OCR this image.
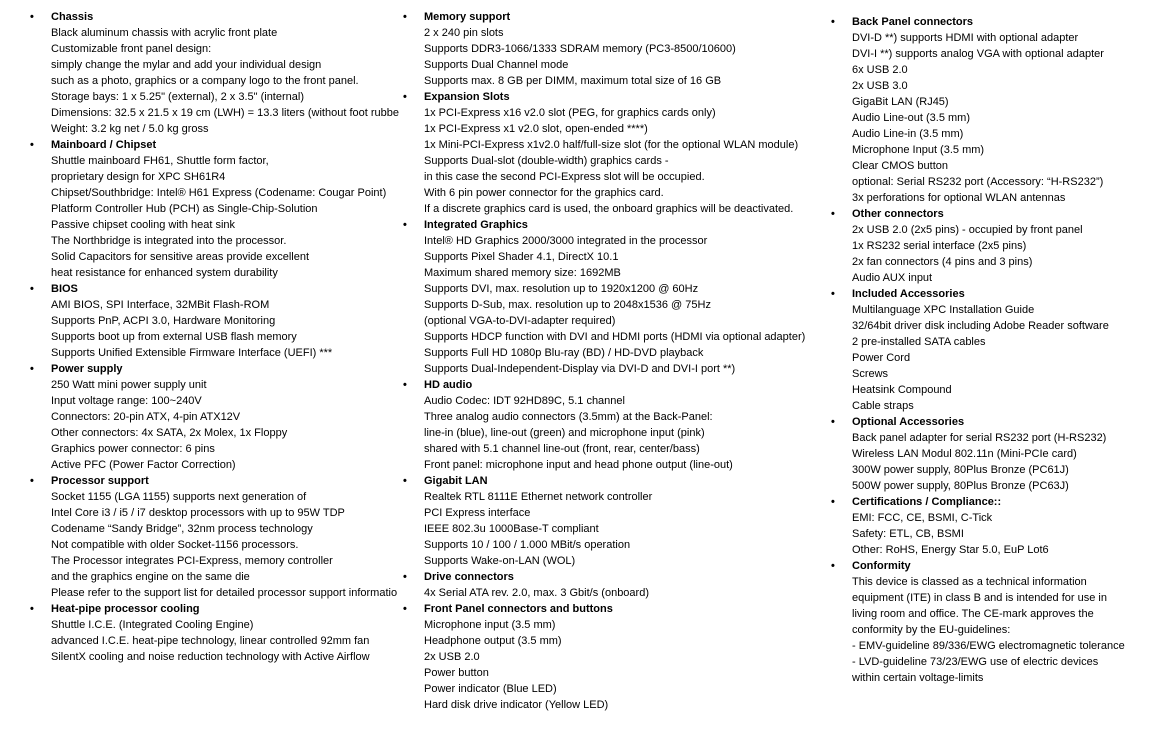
•	Chassis
Black aluminum chassis with acrylic front plate
Customizable front panel design:
simply change the mylar and add your individual design
such as a photo, graphics or a company logo to the front panel.
Storage bays: 1 x 5.25" (external), 2 x 3.5" (internal)
Dimensions: 32.5 x 21.5 x 19 cm (LWH) = 13.3 liters (without foot rubbe
Weight: 3.2 kg net / 5.0 kg gross
•	Mainboard / Chipset
Shuttle mainboard FH61, Shuttle form factor,
proprietary design for XPC SH61R4
Chipset/Southbridge: Intel® H61 Express (Codename: Cougar Point)
Platform Controller Hub (PCH) as Single-Chip-Solution
Passive chipset cooling with heat sink
The Northbridge is integrated into the processor.
Solid Capacitors for sensitive areas provide excellent
heat resistance for enhanced system durability
•	BIOS
AMI BIOS, SPI Interface, 32MBit Flash-ROM
Supports PnP, ACPI 3.0, Hardware Monitoring
Supports boot up from external USB flash memory
Supports Unified Extensible Firmware Interface (UEFI) ***
•	Power supply
250 Watt mini power supply unit
Input voltage range: 100~240V
Connectors: 20-pin ATX, 4-pin ATX12V
Other connectors: 4x SATA, 2x Molex, 1x Floppy
Graphics power connector: 6 pins
Active PFC (Power Factor Correction)
•	Processor support
Socket 1155 (LGA 1155) supports next generation of
Intel Core i3 / i5 / i7 desktop processors with up to 95W TDP
Codename “Sandy Bridge”, 32nm process technology
Not compatible with older Socket-1156 processors.
The Processor integrates PCI-Express, memory controller
and the graphics engine on the same die
Please refer to the support list for detailed processor support informatio
•	Heat-pipe processor cooling
Shuttle I.C.E. (Integrated Cooling Engine)
advanced I.C.E. heat-pipe technology, linear controlled 92mm fan
SilentX cooling and noise reduction technology with Active Airflow
•	Memory support
2 x 240 pin slots
Supports DDR3-1066/1333 SDRAM memory (PC3-8500/10600)
Supports Dual Channel mode
Supports max. 8 GB per DIMM, maximum total size of 16 GB
•	Expansion Slots
1x PCI-Express x16 v2.0 slot (PEG, for graphics cards only)
1x PCI-Express x1 v2.0 slot, open-ended ****)
1x Mini-PCI-Express x1v2.0 half/full-size slot (for the optional WLAN module)
Supports Dual-slot (double-width) graphics cards -
in this case the second PCI-Express slot will be occupied.
With 6 pin power connector for the graphics card.
If a discrete graphics card is used, the onboard graphics will be deactivated.
•	Integrated Graphics
Intel® HD Graphics 2000/3000 integrated in the processor
Supports Pixel Shader 4.1, DirectX 10.1
Maximum shared memory size: 1692MB
Supports DVI, max. resolution up to 1920x1200 @ 60Hz
Supports D-Sub, max. resolution up to 2048x1536 @ 75Hz
(optional VGA-to-DVI-adapter required)
Supports HDCP function with DVI and HDMI ports (HDMI via optional adapter)
Supports Full HD 1080p Blu-ray (BD) / HD-DVD playback
Supports Dual-Independent-Display via DVI-D and DVI-I port **)
•	HD audio
Audio Codec: IDT 92HD89C, 5.1 channel
Three analog audio connectors (3.5mm) at the Back-Panel:
line-in (blue), line-out (green) and microphone input (pink)
shared with 5.1 channel line-out (front, rear, center/bass)
Front panel: microphone input and head phone output (line-out)
•	Gigabit LAN
Realtek RTL 8111E Ethernet network controller
PCI Express interface
IEEE 802.3u 1000Base-T compliant
Supports 10 / 100 / 1.000 MBit/s operation
Supports Wake-on-LAN (WOL)
•	Drive connectors
4x Serial ATA rev. 2.0, max. 3 Gbit/s (onboard)
•	Front Panel connectors and buttons
Microphone input (3.5 mm)
Headphone output (3.5 mm)
2x USB 2.0
Power button
Power indicator (Blue LED)
Hard disk drive indicator (Yellow LED)
•	Back Panel connectors
DVI-D **) supports HDMI with optional adapter
DVI-I **) supports analog VGA with optional adapter
6x USB 2.0
2x USB 3.0
GigaBit LAN (RJ45)
Audio Line-out (3.5 mm)
Audio Line-in (3.5 mm)
Microphone Input (3.5 mm)
Clear CMOS button
optional: Serial RS232 port (Accessory: “H-RS232”)
3x perforations for optional WLAN antennas
•	Other connectors
2x USB 2.0 (2x5 pins) - occupied by front panel
1x RS232 serial interface (2x5 pins)
2x fan connectors (4 pins and 3 pins)
Audio AUX input
•	Included Accessories
Multilanguage XPC Installation Guide
32/64bit driver disk including Adobe Reader software
2 pre-installed SATA cables
Power Cord
Screws
Heatsink Compound
Cable straps
•	Optional Accessories
Back panel adapter for serial RS232 port (H-RS232)
Wireless LAN Modul 802.11n (Mini-PCIe card)
300W power supply, 80Plus Bronze (PC61J)
500W power supply, 80Plus Bronze (PC63J)
•	Certifications / Compliance::
EMI: FCC, CE, BSMI, C-Tick
Safety: ETL, CB, BSMI
Other: RoHS, Energy Star 5.0, EuP Lot6
•	Conformity
This device is classed as a technical information
equipment (ITE) in class B and is intended for use in
living room and office. The CE-mark approves the
conformity by the EU-guidelines:
- EMV-guideline 89/336/EWG electromagnetic tolerance
- LVD-guideline 73/23/EWG use of electric devices
within certain voltage-limits
